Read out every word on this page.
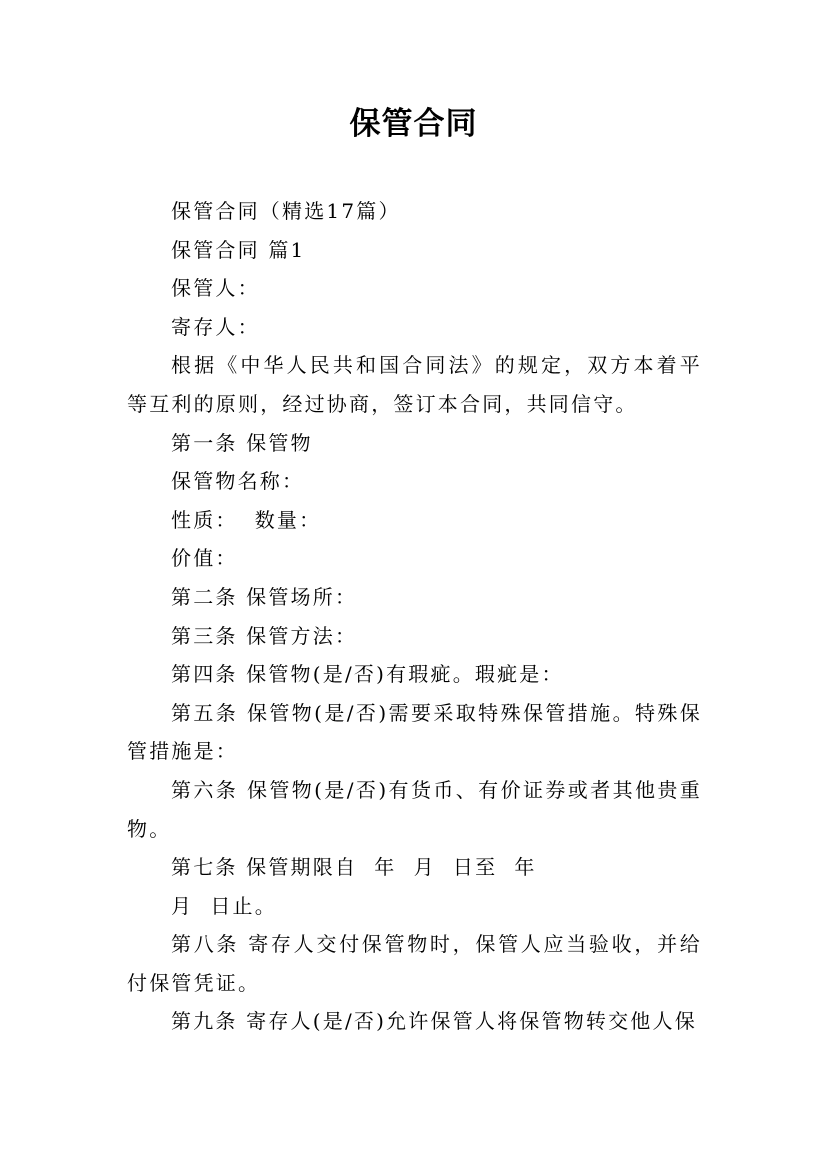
保管合同

保管合同（精选17篇）

保管合同 篇1

保管人：

寄存人：

根据《中华人民共和国合同法》的规定，双方本着平等互利的原则，经过协商，签订本合同，共同信守。

第一条 保管物

保管物名称：

性质：  数量：

价值：

第二条 保管场所：

第三条 保管方法：

第四条 保管物(是/否)有瑕疵。瑕疵是：

第五条 保管物(是/否)需要采取特殊保管措施。特殊保管措施是：

第六条 保管物(是/否)有货币、有价证券或者其他贵重物。

第七条 保管期限自  年  月  日至  年

月  日止。

第八条 寄存人交付保管物时，保管人应当验收，并给付保管凭证。

第九条 寄存人(是/否)允许保管人将保管物转交他人保
